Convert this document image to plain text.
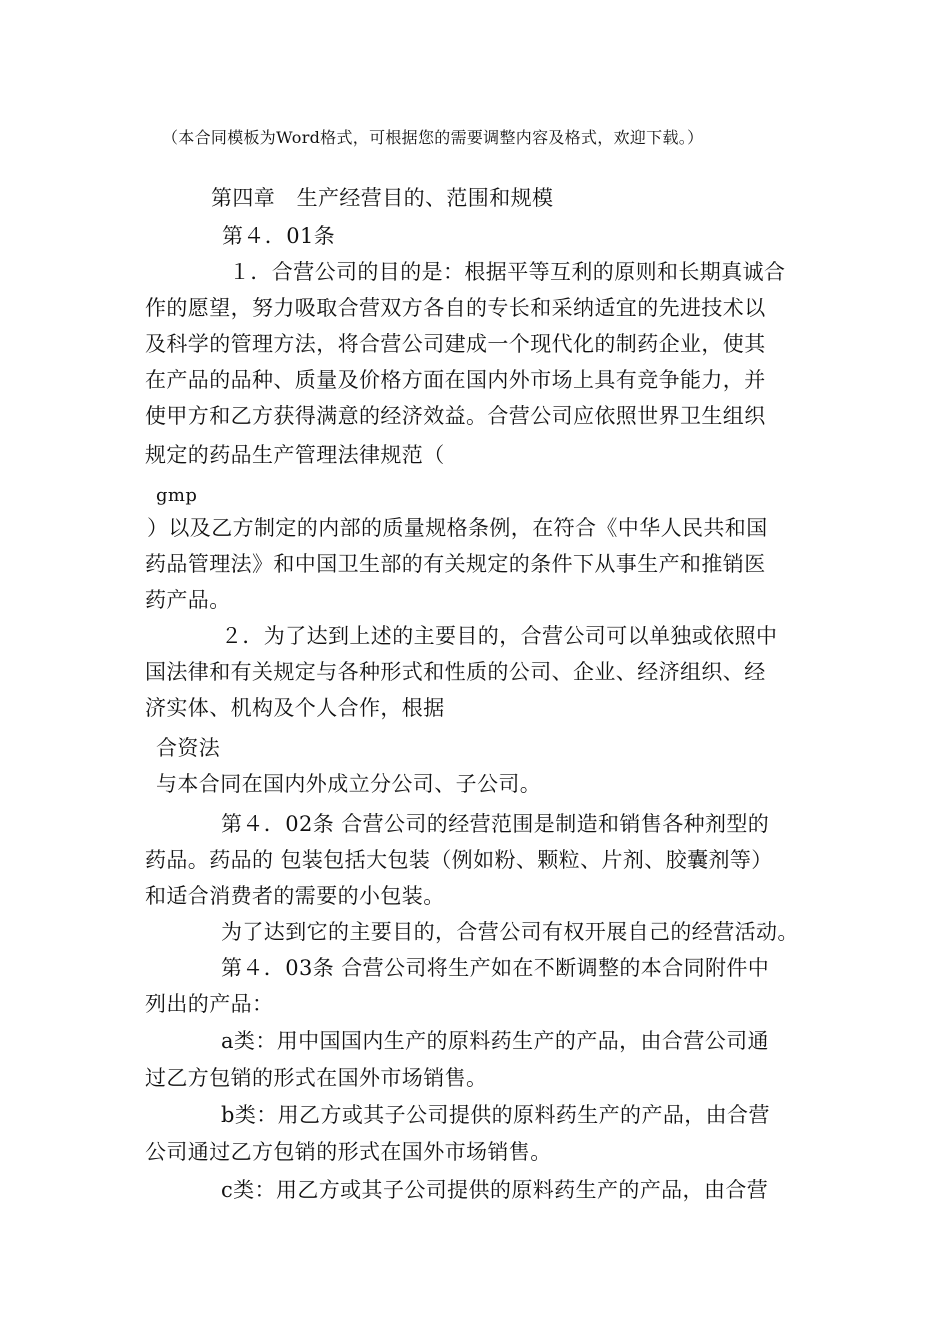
（本合同模板为Word格式，可根据您的需要调整内容及格式，欢迎下载。）
第四章　生产经营目的、范围和规模
第４．01条
１．合营公司的目的是：根据平等互利的原则和长期真诚合
作的愿望，努力吸取合营双方各自的专长和采纳适宜的先进技术以
及科学的管理方法，将合营公司建成一个现代化的制药企业，使其
在产品的品种、质量及价格方面在国内外市场上具有竞争能力，并
使甲方和乙方获得满意的经济效益。合营公司应依照世界卫生组织
规定的药品生产管理法律规范（
gmp
）以及乙方制定的内部的质量规格条例，在符合《中华人民共和国
药品管理法》和中国卫生部的有关规定的条件下从事生产和推销医
药产品。
２．为了达到上述的主要目的，合营公司可以单独或依照中
国法律和有关规定与各种形式和性质的公司、企业、经济组织、经
济实体、机构及个人合作，根据
合资法
与本合同在国内外成立分公司、子公司。
第４．02条 合营公司的经营范围是制造和销售各种剂型的
药品。药品的 包装包括大包装（例如粉、颗粒、片剂、胶囊剂等）
和适合消费者的需要的小包装。
为了达到它的主要目的，合营公司有权开展自己的经营活动。
第４．03条 合营公司将生产如在不断调整的本合同附件中
列出的产品：
a类：用中国国内生产的原料药生产的产品，由合营公司通
过乙方包销的形式在国外市场销售。
b类：用乙方或其子公司提供的原料药生产的产品，由合营
公司通过乙方包销的形式在国外市场销售。
c类：用乙方或其子公司提供的原料药生产的产品，由合营
